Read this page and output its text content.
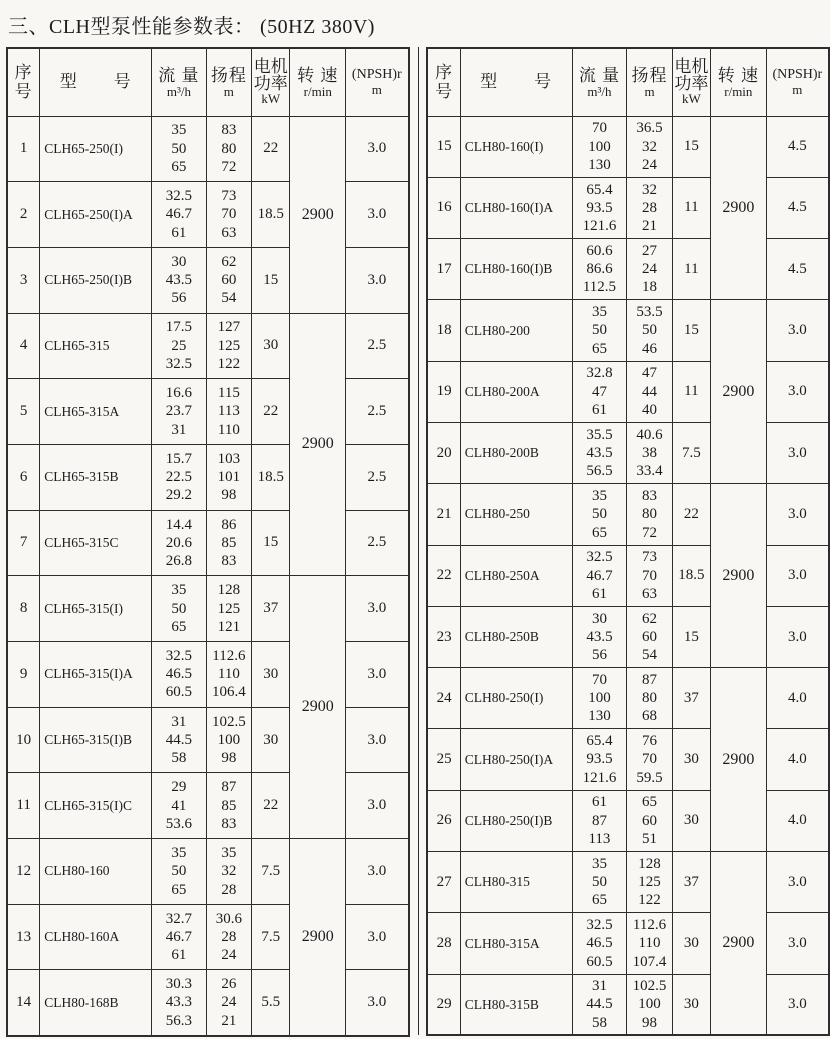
三、CLH型泵性能参数表： (50HZ 380V)
序
号
	型　　号	流 量
m³/h

扬程
m

电机
功率
kW

转 速
r/min

(NPSH)r
m

1	CLH65-250(I)	
35
50
65

83
80
72
	22	2900	3.0
2	CLH65-250(I)A	
32.5
46.7
61

73
70
63
	18.5	3.0
3	CLH65-250(I)B	
30
43.5
56

62
60
54
	15	3.0
4	CLH65-315	
17.5
25
32.5

127
125
122
	30	2900	2.5
5	CLH65-315A	
16.6
23.7
31

115
113
110
	22	2.5
6	CLH65-315B	
15.7
22.5
29.2

103
101
98
	18.5	2.5
7	CLH65-315C	
14.4
20.6
26.8

86
85
83
	15	2.5
8	CLH65-315(I)	
35
50
65

128
125
121
	37	2900	3.0
9	CLH65-315(I)A	
32.5
46.5
60.5

112.6
110
106.4
	30	3.0
10	CLH65-315(I)B	
31
44.5
58

102.5
100
98
	30	3.0
11	CLH65-315(I)C	
29
41
53.6

87
85
83
	22	3.0
12	CLH80-160	
35
50
65

35
32
28
	7.5	2900	3.0
13	CLH80-160A	
32.7
46.7
61

30.6
28
24
	7.5	3.0
14	CLH80-168B	
30.3
43.3
56.3

26
24
21
	5.5	3.0
序
号
	型　　号	流 量
m³/h

扬程
m

电机
功率
kW

转 速
r/min

(NPSH)r
m

15	CLH80-160(I)	
70
100
130

36.5
32
24
	15	2900	4.5
16	CLH80-160(I)A	
65.4
93.5
121.6

32
28
21
	11	4.5
17	CLH80-160(I)B	
60.6
86.6
112.5

27
24
18
	11	4.5
18	CLH80-200	
35
50
65

53.5
50
46
	15	2900	3.0
19	CLH80-200A	
32.8
47
61

47
44
40
	11	3.0
20	CLH80-200B	
35.5
43.5
56.5

40.6
38
33.4
	7.5	3.0
21	CLH80-250	
35
50
65

83
80
72
	22	2900	3.0
22	CLH80-250A	
32.5
46.7
61

73
70
63
	18.5	3.0
23	CLH80-250B	
30
43.5
56

62
60
54
	15	3.0
24	CLH80-250(I)	
70
100
130

87
80
68
	37	2900	4.0
25	CLH80-250(I)A	
65.4
93.5
121.6

76
70
59.5
	30	4.0
26	CLH80-250(I)B	
61
87
113

65
60
51
	30	4.0
27	CLH80-315	
35
50
65

128
125
122
	37	2900	3.0
28	CLH80-315A	
32.5
46.5
60.5

112.6
110
107.4
	30	3.0
29	CLH80-315B	
31
44.5
58

102.5
100
98
	30	3.0
